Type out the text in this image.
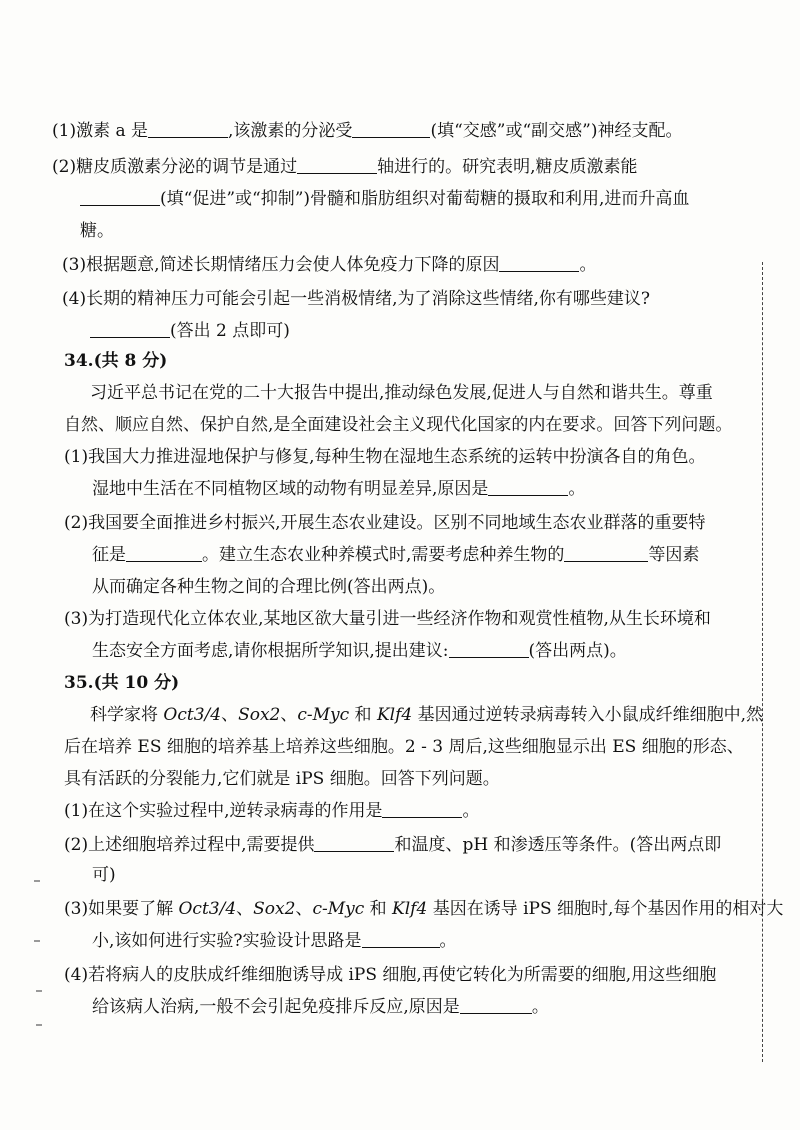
(1)激素 a 是	,该激素的分泌受	(填“交感”或“副交感”)神经支配。
(2)糖皮质激素分泌的调节是通过	轴进行的。研究表明,糖皮质激素能
(填“促进”或“抑制”)骨髓和脂肪组织对葡萄糖的摄取和利用,进而升高血
糖。
(3)根据题意,简述长期情绪压力会使人体免疫力下降的原因	。
(4)长期的精神压力可能会引起一些消极情绪,为了消除这些情绪,你有哪些建议?
(答出 2 点即可)
34.(共 8 分)
习近平总书记在党的二十大报告中提出,推动绿色发展,促进人与自然和谐共生。尊重
自然、顺应自然、保护自然,是全面建设社会主义现代化国家的内在要求。回答下列问题。
(1)我国大力推进湿地保护与修复,每种生物在湿地生态系统的运转中扮演各自的角色。
湿地中生活在不同植物区域的动物有明显差异,原因是	。
(2)我国要全面推进乡村振兴,开展生态农业建设。区别不同地域生态农业群落的重要特
征是	。建立生态农业种养模式时,需要考虑种养生物的	等因素
从而确定各种生物之间的合理比例(答出两点)。
(3)为打造现代化立体农业,某地区欲大量引进一些经济作物和观赏性植物,从生长环境和
生态安全方面考虑,请你根据所学知识,提出建议:	(答出两点)。
35.(共 10 分)
科学家将 Oct3/4、Sox2、c-Myc 和 Klf4 基因通过逆转录病毒转入小鼠成纤维细胞中,然
后在培养 ES 细胞的培养基上培养这些细胞。2 - 3 周后,这些细胞显示出 ES 细胞的形态、
具有活跃的分裂能力,它们就是 iPS 细胞。回答下列问题。
(1)在这个实验过程中,逆转录病毒的作用是	。
(2)上述细胞培养过程中,需要提供	和温度、pH 和渗透压等条件。(答出两点即
可)
(3)如果要了解 Oct3/4、Sox2、c-Myc 和 Klf4 基因在诱导 iPS 细胞时,每个基因作用的相对大
小,该如何进行实验?实验设计思路是	。
(4)若将病人的皮肤成纤维细胞诱导成 iPS 细胞,再使它转化为所需要的细胞,用这些细胞
给该病人治病,一般不会引起免疫排斥反应,原因是	。
